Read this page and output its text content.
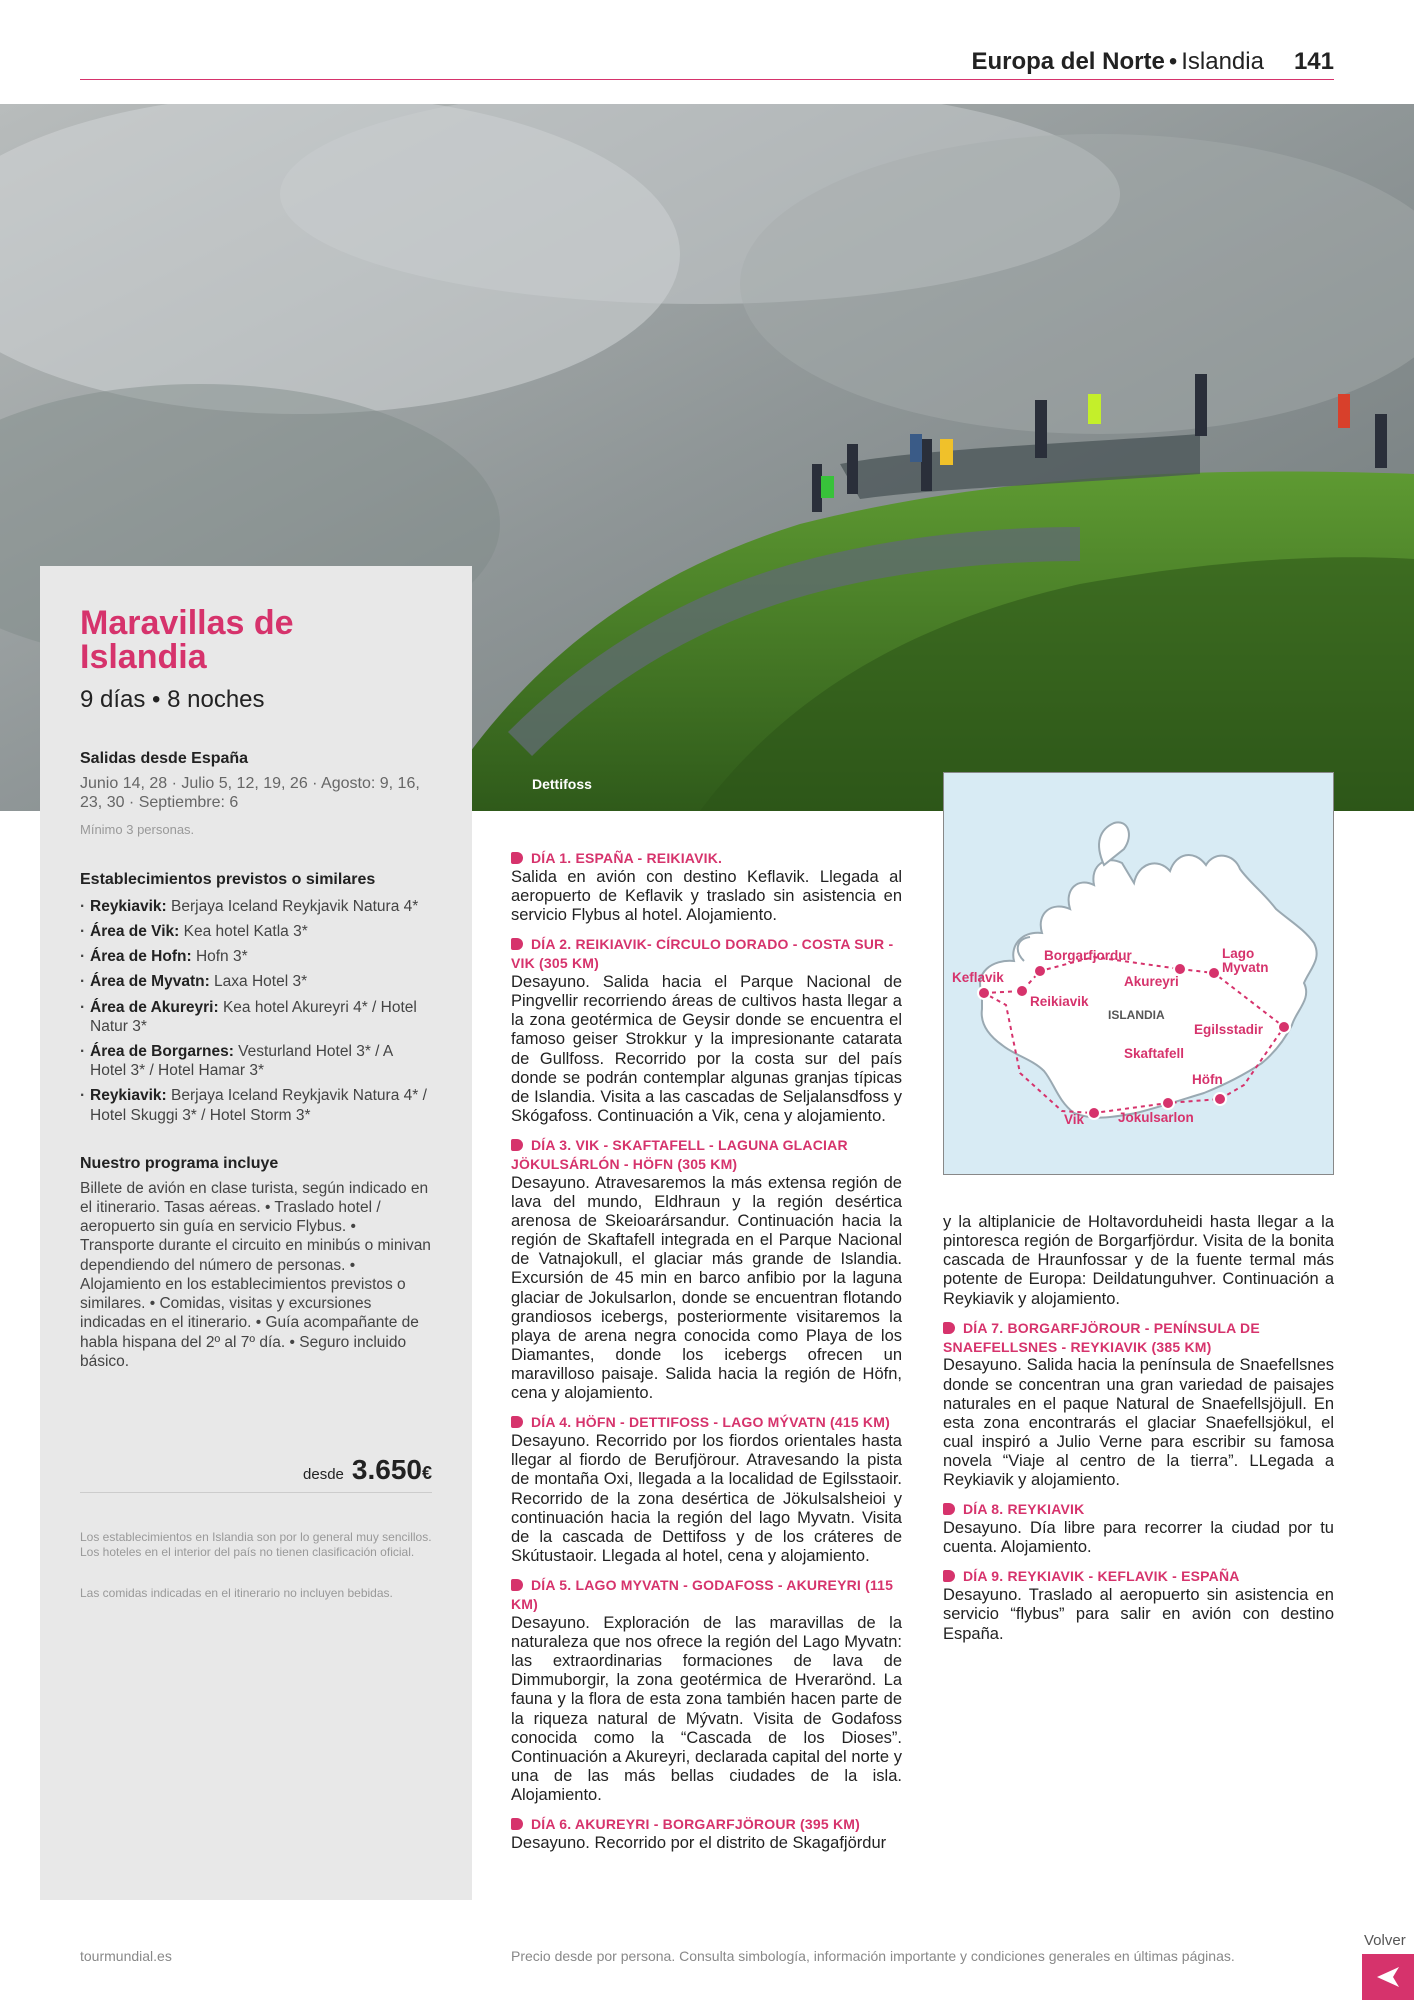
Europa del Norte • Islandia 141
Dettifoss
Maravillas de
Islandia
9 días • 8 noches
Salidas desde España
Junio 14, 28 · Julio 5, 12, 19, 26 · Agosto: 9, 16, 23, 30 · Septiembre: 6
Mínimo 3 personas.
Establecimientos previstos o similares
· Reykiavik: Berjaya Iceland Reykjavik Natura 4*
· Área de Vik: Kea hotel Katla 3*
· Área de Hofn: Hofn 3*
· Área de Myvatn: Laxa Hotel 3*
· Área de Akureyri: Kea hotel Akureyri 4* / Hotel Natur 3*
· Área de Borgarnes: Vesturland Hotel 3* / A Hotel 3* / Hotel Hamar 3*
· Reykiavik: Berjaya Iceland Reykjavik Natura 4* / Hotel Skuggi 3* / Hotel Storm 3*
Nuestro programa incluye
Billete de avión en clase turista, según indicado en el itinerario. Tasas aéreas. • Traslado hotel / aeropuerto sin guía en servicio Flybus. • Transporte durante el circuito en minibús o minivan dependiendo del número de personas. • Alojamiento en los establecimientos previstos o similares. • Comidas, visitas y excursiones indicadas en el itinerario. • Guía acompañante de habla hispana del 2º al 7º día. • Seguro incluido básico.
desde 3.650 €
Los establecimientos en Islandia son por lo general muy sencillos. Los hoteles en el interior del país no tienen clasificación oficial.
Las comidas indicadas en el itinerario no incluyen bebidas.
DÍA 1. ESPAÑA - REIKIAVIK.
Salida en avión con destino Keflavik. Llegada al aeropuerto de Keflavik y traslado sin asistencia en servicio Flybus al hotel. Alojamiento.
DÍA 2. REIKIAVIK- CÍRCULO DORADO - COSTA SUR - VIK (305 KM)
Desayuno. Salida hacia el Parque Nacional de Pingvellir recorriendo áreas de cultivos hasta llegar a la zona geotérmica de Geysir donde se encuentra el famoso geiser Strokkur y la impresionante catarata de Gullfoss. Recorrido por la costa sur del país donde se podrán contemplar algunas granjas típicas de Islandia. Visita a las cascadas de Seljalansdfoss y Skógafoss. Continuación a Vik, cena y alojamiento.
DÍA 3. VIK - SKAFTAFELL - LAGUNA GLACIAR JÖKULSÁRLÓN - HÖFN (305 KM)
Desayuno. Atravesaremos la más extensa región de lava del mundo, Eldhraun y la región desértica arenosa de Skeioarársandur. Continuación hacia la región de Skaftafell integrada en el Parque Nacional de Vatnajokull, el glaciar más grande de Islandia. Excursión de 45 min en barco anfibio por la laguna glaciar de Jokulsarlon, donde se encuentran flotando grandiosos icebergs, posteriormente visitaremos la playa de arena negra conocida como Playa de los Diamantes, donde los icebergs ofrecen un maravilloso paisaje. Salida hacia la región de Höfn, cena y alojamiento.
DÍA 4. HÖFN - DETTIFOSS - LAGO MÝVATN (415 KM)
Desayuno. Recorrido por los fiordos orientales hasta llegar al fiordo de Berufjörour. Atravesando la pista de montaña Oxi, llegada a la localidad de Egilsstaoir. Recorrido de la zona desértica de Jökulsalsheioi y continuación hacia la región del lago Myvatn. Visita de la cascada de Dettifoss y de los cráteres de Skútustaoir. Llegada al hotel, cena y alojamiento.
DÍA 5. LAGO MYVATN - GODAFOSS - AKUREYRI (115 KM)
Desayuno. Exploración de las maravillas de la naturaleza que nos ofrece la región del Lago Myvatn: las extraordinarias formaciones de lava de Dimmuborgir, la zona geotérmica de Hverarönd. La fauna y la flora de esta zona también hacen parte de la riqueza natural de Mývatn. Visita de Godafoss conocida como la “Cascada de los Dioses”. Continuación a Akureyri, declarada capital del norte y una de las más bellas ciudades de la isla. Alojamiento.
DÍA 6. AKUREYRI - BORGARFJÖROUR (395 KM)
Desayuno. Recorrido por el distrito de Skagafjördur
Keflavik
Reikiavik
Borgarfjordur
Akureyri
Lago
Myvatn
Egilsstadir
Skaftafell
Höfn
Jokulsarlon
Vik
ISLANDIA
y la altiplanicie de Holtavorduheidi hasta llegar a la pintoresca región de Borgarfjördur. Visita de la bonita cascada de Hraunfossar y de la fuente termal más potente de Europa: Deildatunguhver. Continuación a Reykiavik y alojamiento.
DÍA 7. BORGARFJÖROUR - PENÍNSULA DE SNAEFELLSNES - REYKIAVIK (385 KM)
Desayuno. Salida hacia la península de Snaefellsnes donde se concentran una gran variedad de paisajes naturales en el paque Natural de Snaefellsjöjull. En esta zona encontrarás el glaciar Snaefellsjökul, el cual inspiró a Julio Verne para escribir su famosa novela “Viaje al centro de la tierra”. LLegada a Reykiavik y alojamiento.
DÍA 8. REYKIAVIK
Desayuno. Día libre para recorrer la ciudad por tu cuenta. Alojamiento.
DÍA 9. REYKIAVIK - KEFLAVIK - ESPAÑA
Desayuno. Traslado al aeropuerto sin asistencia en servicio “flybus” para salir en avión con destino España.
tourmundial.es	Precio desde por persona. Consulta simbología, información importante y condiciones generales en últimas páginas.
Volver
